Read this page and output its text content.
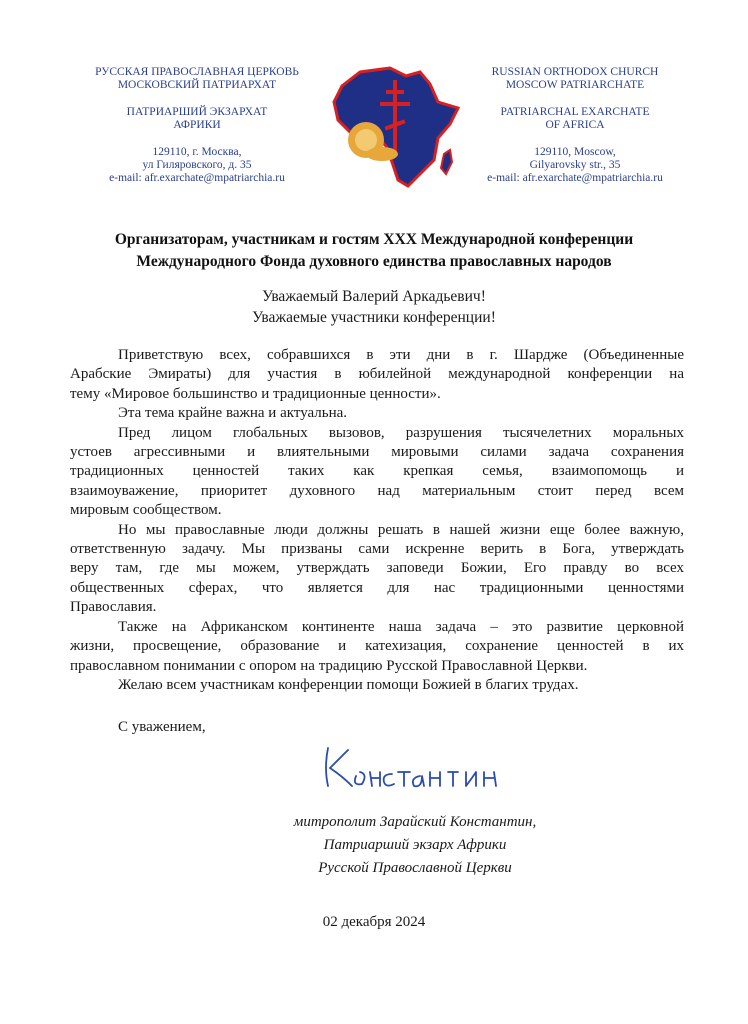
РУССКАЯ ПРАВОСЛАВНАЯ ЦЕРКОВЬ
МОСКОВСКИЙ ПАТРИАРХАТ
ПАТРИАРШИЙ ЭКЗАРХАТ
АФРИКИ
129110, г. Москва,
ул Гиляровского, д. 35
e-mail: afr.exarchate@mpatriarchia.ru
RUSSIAN ORTHODOX CHURCH
MOSCOW PATRIARCHATE
PATRIARCHAL EXARCHATE
OF AFRICA
129110, Moscow,
Gilyarovsky str., 35
e-mail: afr.exarchate@mpatriarchia.ru
Организаторам, участникам и гостям XXX Международной конференции
Международного Фонда духовного единства православных народов
Уважаемый Валерий Аркадьевич!
Уважаемые участники конференции!
Приветствую всех, собравшихся в эти дни в г. Шардже (Объединенные
Арабские Эмираты) для участия в юбилейной международной конференции на
тему «Мировое большинство и традиционные ценности».
Эта тема крайне важна и актуальна.
Пред лицом глобальных вызовов, разрушения тысячелетних моральных
устоев агрессивными и влиятельными мировыми силами задача сохранения
традиционных ценностей таких как крепкая семья, взаимопомощь и
взаимоуважение, приоритет духовного над материальным стоит перед всем
мировым сообществом.
Но мы православные люди должны решать в нашей жизни еще более важную,
ответственную задачу. Мы призваны сами искренне верить в Бога, утверждать
веру там, где мы можем, утверждать заповеди Божии, Его правду во всех
общественных сферах, что является для нас традиционными ценностями
Православия.
Также на Африканском континенте наша задача – это развитие церковной
жизни, просвещение, образование и катехизация, сохранение ценностей в их
православном понимании с опором на традицию Русской Православной Церкви.
Желаю всем участникам конференции помощи Божией в благих трудах.
С уважением,
митрополит Зарайский Константин,
Патриарший экзарх Африки
Русской Православной Церкви
02 декабря 2024
